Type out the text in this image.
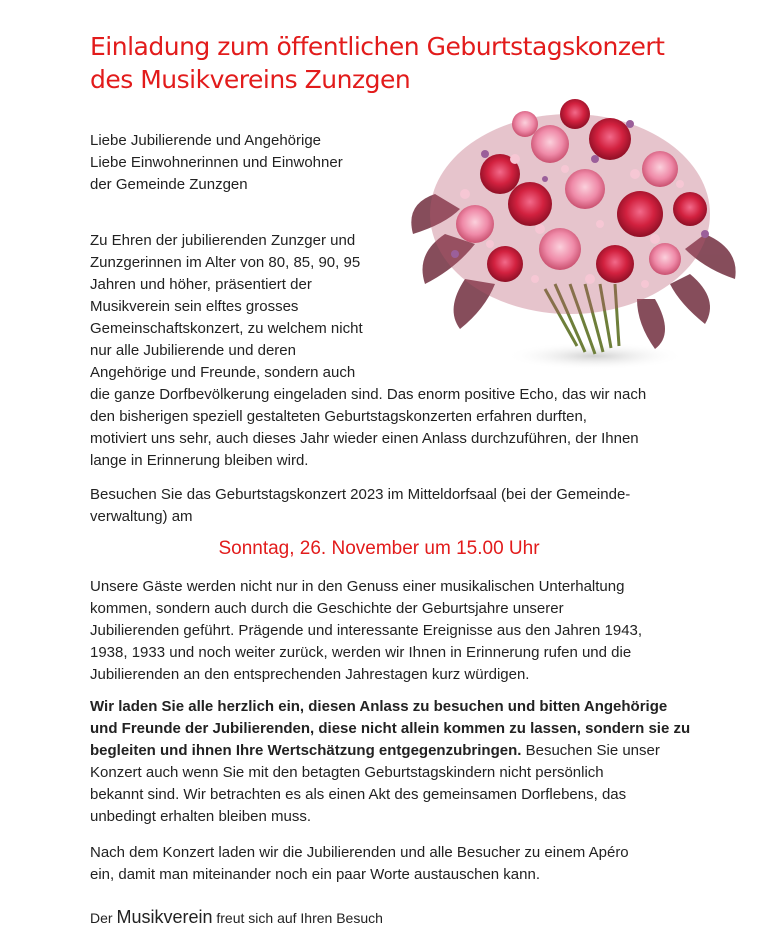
Einladung zum öffentlichen Geburtstagskonzert
des Musikvereins Zunzgen
Liebe Jubilierende und Angehörige
Liebe Einwohnerinnen und Einwohner
der Gemeinde Zunzgen
Zu Ehren der jubilierenden Zunzger und
Zunzgerinnen im Alter von 80, 85, 90, 95
Jahren und höher, präsentiert der
Musikverein sein elftes grosses
Gemeinschaftskonzert, zu welchem nicht
nur alle Jubilierende und deren
Angehörige und Freunde, sondern auch
die ganze Dorfbevölkerung eingeladen sind. Das enorm positive Echo, das wir nach
den bisherigen speziell gestalteten Geburtstagskonzerten erfahren durften,
motiviert uns sehr, auch dieses Jahr wieder einen Anlass durchzuführen, der Ihnen
lange in Erinnerung bleiben wird.
Besuchen Sie das Geburtstagskonzert 2023 im Mitteldorfsaal (bei der Gemeinde-
verwaltung) am

Sonntag, 26. November um 15.00 Uhr

Unsere Gäste werden nicht nur in den Genuss einer musikalischen Unterhaltung
kommen, sondern auch durch die Geschichte der Geburtsjahre unserer
Jubilierenden geführt. Prägende und interessante Ereignisse aus den Jahren 1943,
1938, 1933 und noch weiter zurück, werden wir Ihnen in Erinnerung rufen und die
Jubilierenden an den entsprechenden Jahrestagen kurz würdigen.
Wir laden Sie alle herzlich ein, diesen Anlass zu besuchen und bitten Angehörige
und Freunde der Jubilierenden, diese nicht allein kommen zu lassen, sondern sie zu
begleiten und ihnen Ihre Wertschätzung entgegenzubringen. Besuchen Sie unser
Konzert auch wenn Sie mit den betagten Geburtstagskindern nicht persönlich
bekannt sind. Wir betrachten es als einen Akt des gemeinsamen Dorflebens, das
unbedingt erhalten bleiben muss.
Nach dem Konzert laden wir die Jubilierenden und alle Besucher zu einem Apéro
ein, damit man miteinander noch ein paar Worte austauschen kann.
Der Musikverein freut sich auf Ihren Besuch
